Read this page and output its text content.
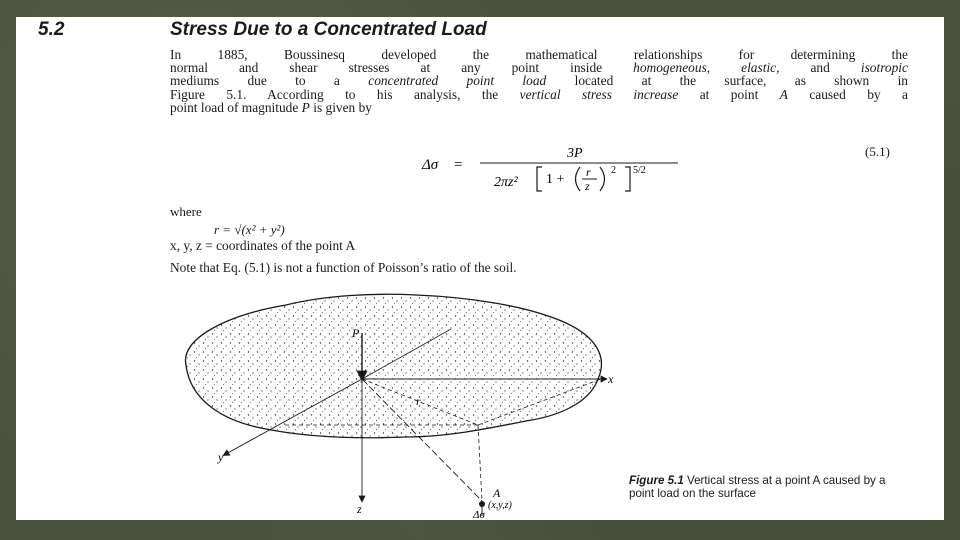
5.2	Stress Due to a Concentrated Load
In 1885, Boussinesq developed the mathematical relationships for determining the
normal and shear stresses at any point inside homogeneous, elastic, and isotropic
mediums due to a concentrated point load located at the surface, as shown in
Figure 5.1. According to his analysis, the vertical stress increase at point A caused by a
point load of magnitude P is given by
Δσ =
3P
2πz² 1 + r
z
2 5/2
(5.1)
where
r = √(x² + y²)
x, y, z = coordinates of the point A
Note that Eq. (5.1) is not a function of Poisson’s ratio of the soil.
P
x
y
z
r
A
(x,y,z)
Δσ
Figure 5.1 Vertical stress at a point A caused by a point load on the surface
